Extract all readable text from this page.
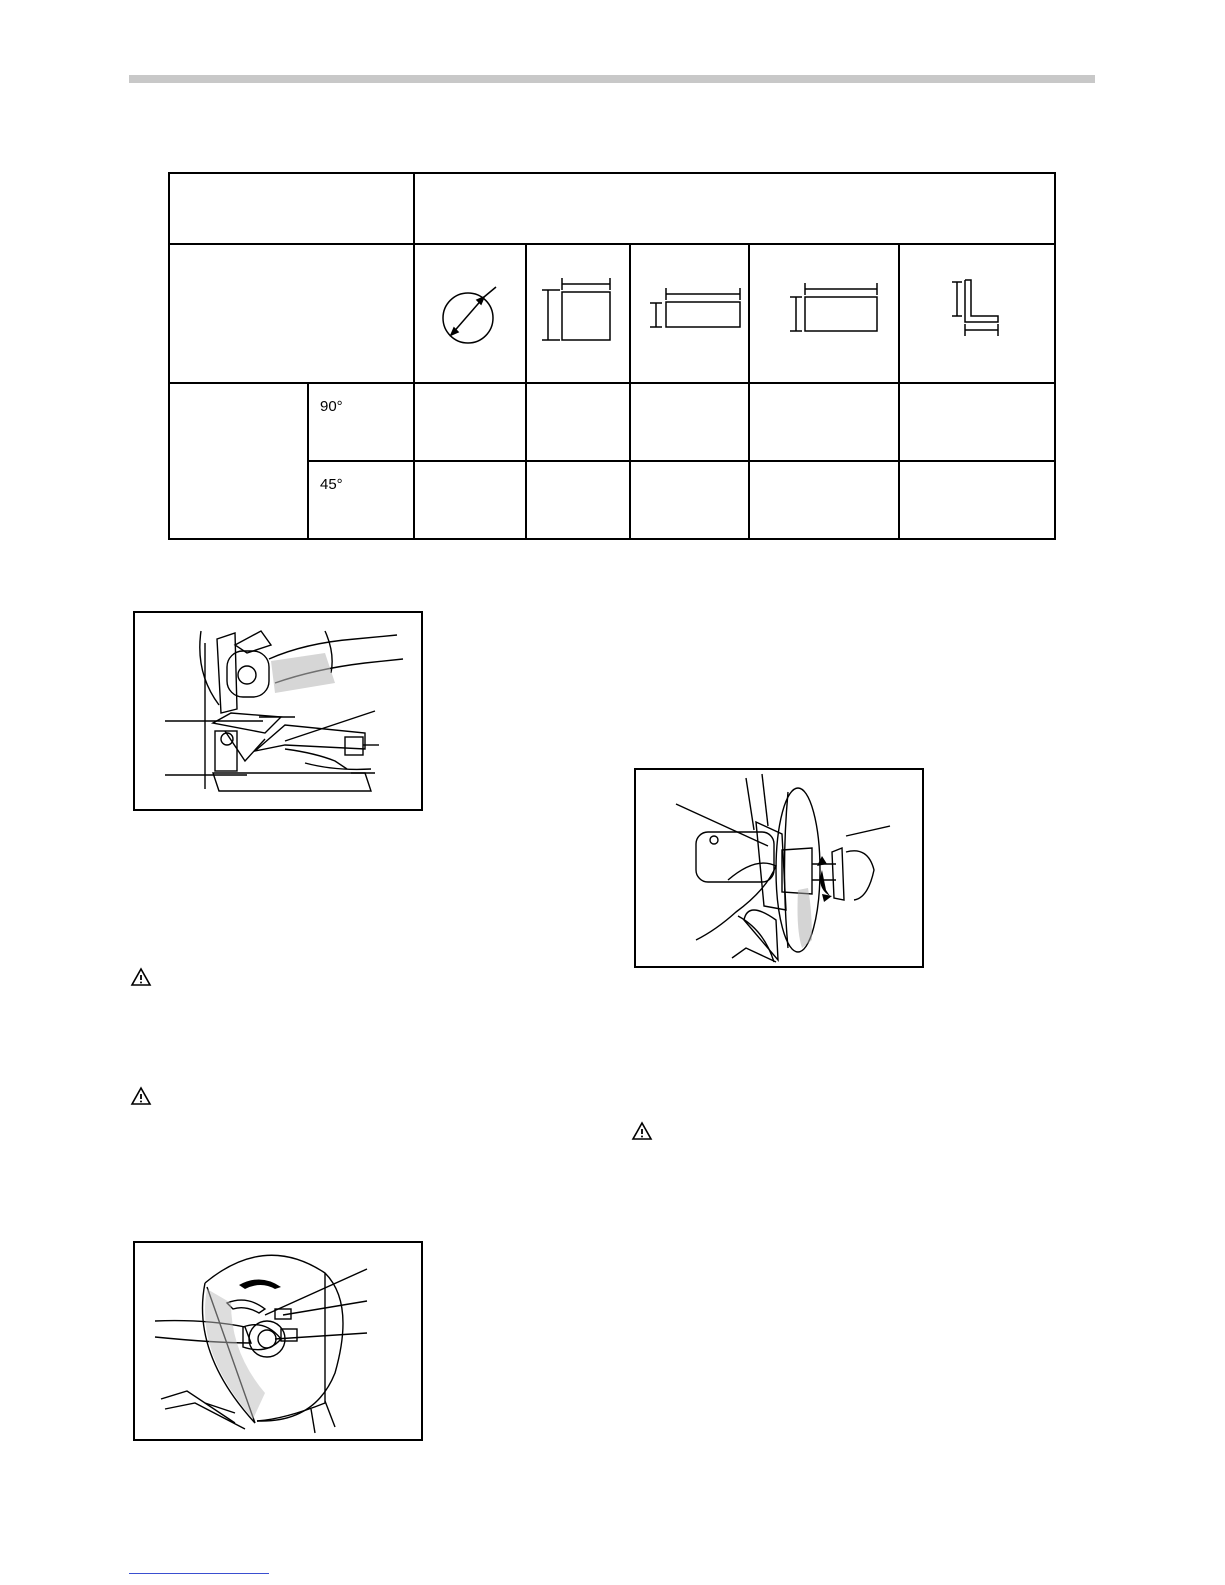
90°
45°
